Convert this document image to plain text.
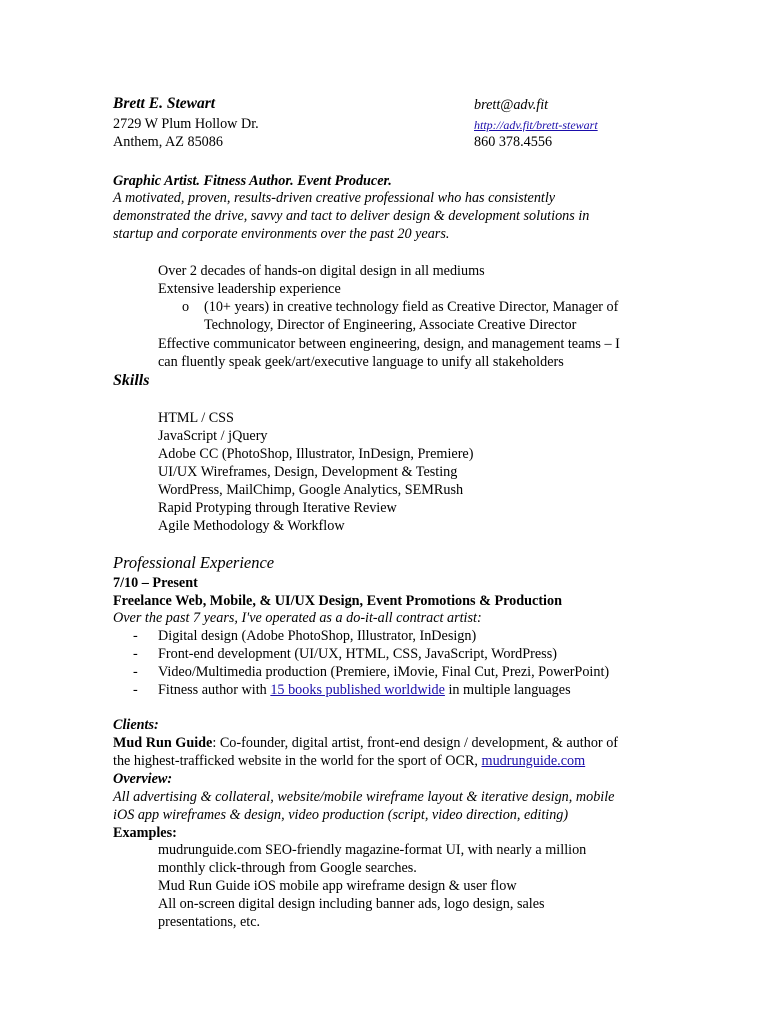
Brett E. Stewart
2729 W Plum Hollow Dr.
Anthem, AZ 85086
brett@adv.fit
http://adv.fit/brett-stewart
860 378.4556
Graphic Artist. Fitness Author. Event Producer.
A motivated, proven, results-driven creative professional who has consistently
demonstrated the drive, savvy and tact to deliver design & development solutions in
startup and corporate environments over the past 20 years.
Over 2 decades of hands-on digital design in all mediums
Extensive leadership experience
o (10+ years) in creative technology field as Creative Director, Manager of
Technology, Director of Engineering, Associate Creative Director
Effective communicator between engineering, design, and management teams – I
can fluently speak geek/art/executive language to unify all stakeholders
Skills
HTML / CSS
JavaScript / jQuery
Adobe CC (PhotoShop, Illustrator, InDesign, Premiere)
UI/UX Wireframes, Design, Development & Testing
WordPress, MailChimp, Google Analytics, SEMRush
Rapid Protyping through Iterative Review
Agile Methodology & Workflow
Professional Experience
7/10 – Present
Freelance Web, Mobile, & UI/UX Design, Event Promotions & Production
Over the past 7 years, I've operated as a do-it-all contract artist:
- Digital design (Adobe PhotoShop, Illustrator, InDesign)
- Front-end development (UI/UX, HTML, CSS, JavaScript, WordPress)
- Video/Multimedia production (Premiere, iMovie, Final Cut, Prezi, PowerPoint)
- Fitness author with 15 books published worldwide in multiple languages
Clients:
Mud Run Guide: Co-founder, digital artist, front-end design / development, & author of
the highest-trafficked website in the world for the sport of OCR, mudrunguide.com
Overview:
All advertising & collateral, website/mobile wireframe layout & iterative design, mobile
iOS app wireframes & design, video production (script, video direction, editing)
Examples:
mudrunguide.com SEO-friendly magazine-format UI, with nearly a million
monthly click-through from Google searches.
Mud Run Guide iOS mobile app wireframe design & user flow
All on-screen digital design including banner ads, logo design, sales
presentations, etc.
